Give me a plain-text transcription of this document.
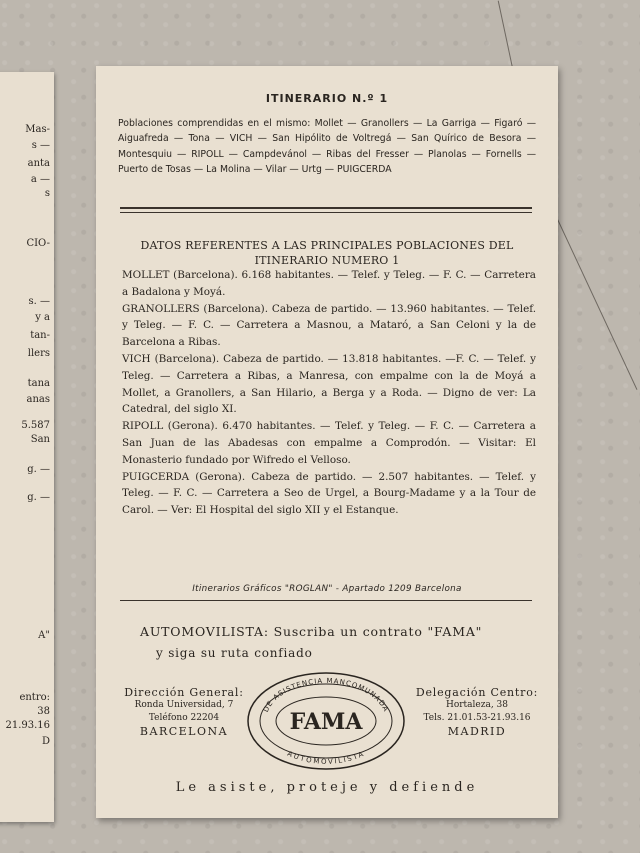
Mas-
s —
anta
a —
s
CIO-
s. —
y a
tan-
llers
tana
anas
5.587
San
g. —
g. —
A"
entro:
38
21.93.16
D
ITINERARIO N.º 1
Poblaciones comprendidas en el mismo: Mollet — Granollers — La Garriga — Figaró — Aiguafreda — Tona — VICH — San Hipólito de Voltregá — San Quírico de Besora — Montesquiu — RIPOLL — Campdevánol — Ribas del Fresser — Planolas — Fornells — Puerto de Tosas — La Molina — Vilar — Urtg — PUIGCERDA
DATOS REFERENTES A LAS PRINCIPALES POBLACIONES DEL ITINERARIO NUMERO 1
MOLLET (Barcelona). 6.168 habitantes. — Telef. y Teleg. — F. C. — Carretera a Badalona y Moyá.
GRANOLLERS (Barcelona). Cabeza de partido. — 13.960 habitantes. — Telef. y Teleg. — F. C. — Carretera a Masnou, a Mataró, a San Celoni y la de Barcelona a Ribas.
VICH (Barcelona). Cabeza de partido. — 13.818 habitantes. —F. C. — Telef. y Teleg. — Carretera a Ribas, a Manresa, con empalme con la de Moyá a Mollet, a Granollers, a San Hilario, a Berga y a Roda. — Digno de ver: La Catedral, del siglo XI.
RIPOLL (Gerona). 6.470 habitantes. — Telef. y Teleg. — F. C. — Carretera a San Juan de las Abadesas con empalme a Comprodón. — Visitar: El Monasterio fundado por Wifredo el Velloso.
PUIGCERDA (Gerona). Cabeza de partido. — 2.507 habitantes. — Telef. y Teleg. — F. C. — Carretera a Seo de Urgel, a Bourg-Madame y a la Tour de Carol. — Ver: El Hospital del siglo XII y el Estanque.
Itinerarios Gráficos "ROGLAN" - Apartado 1209 Barcelona
AUTOMOVILISTA: Suscriba un contrato "FAMA"
y siga su ruta confiado
Dirección General:
Ronda Universidad, 7
Teléfono 22204
BARCELONA
Delegación Centro:
Hortaleza, 38
Tels. 21.01.53-21.93.16
MADRID
DE ASISTENCIA MANCOMUNADA
AUTOMOVILISTA
FAMA
Le asiste, proteje y defiende
